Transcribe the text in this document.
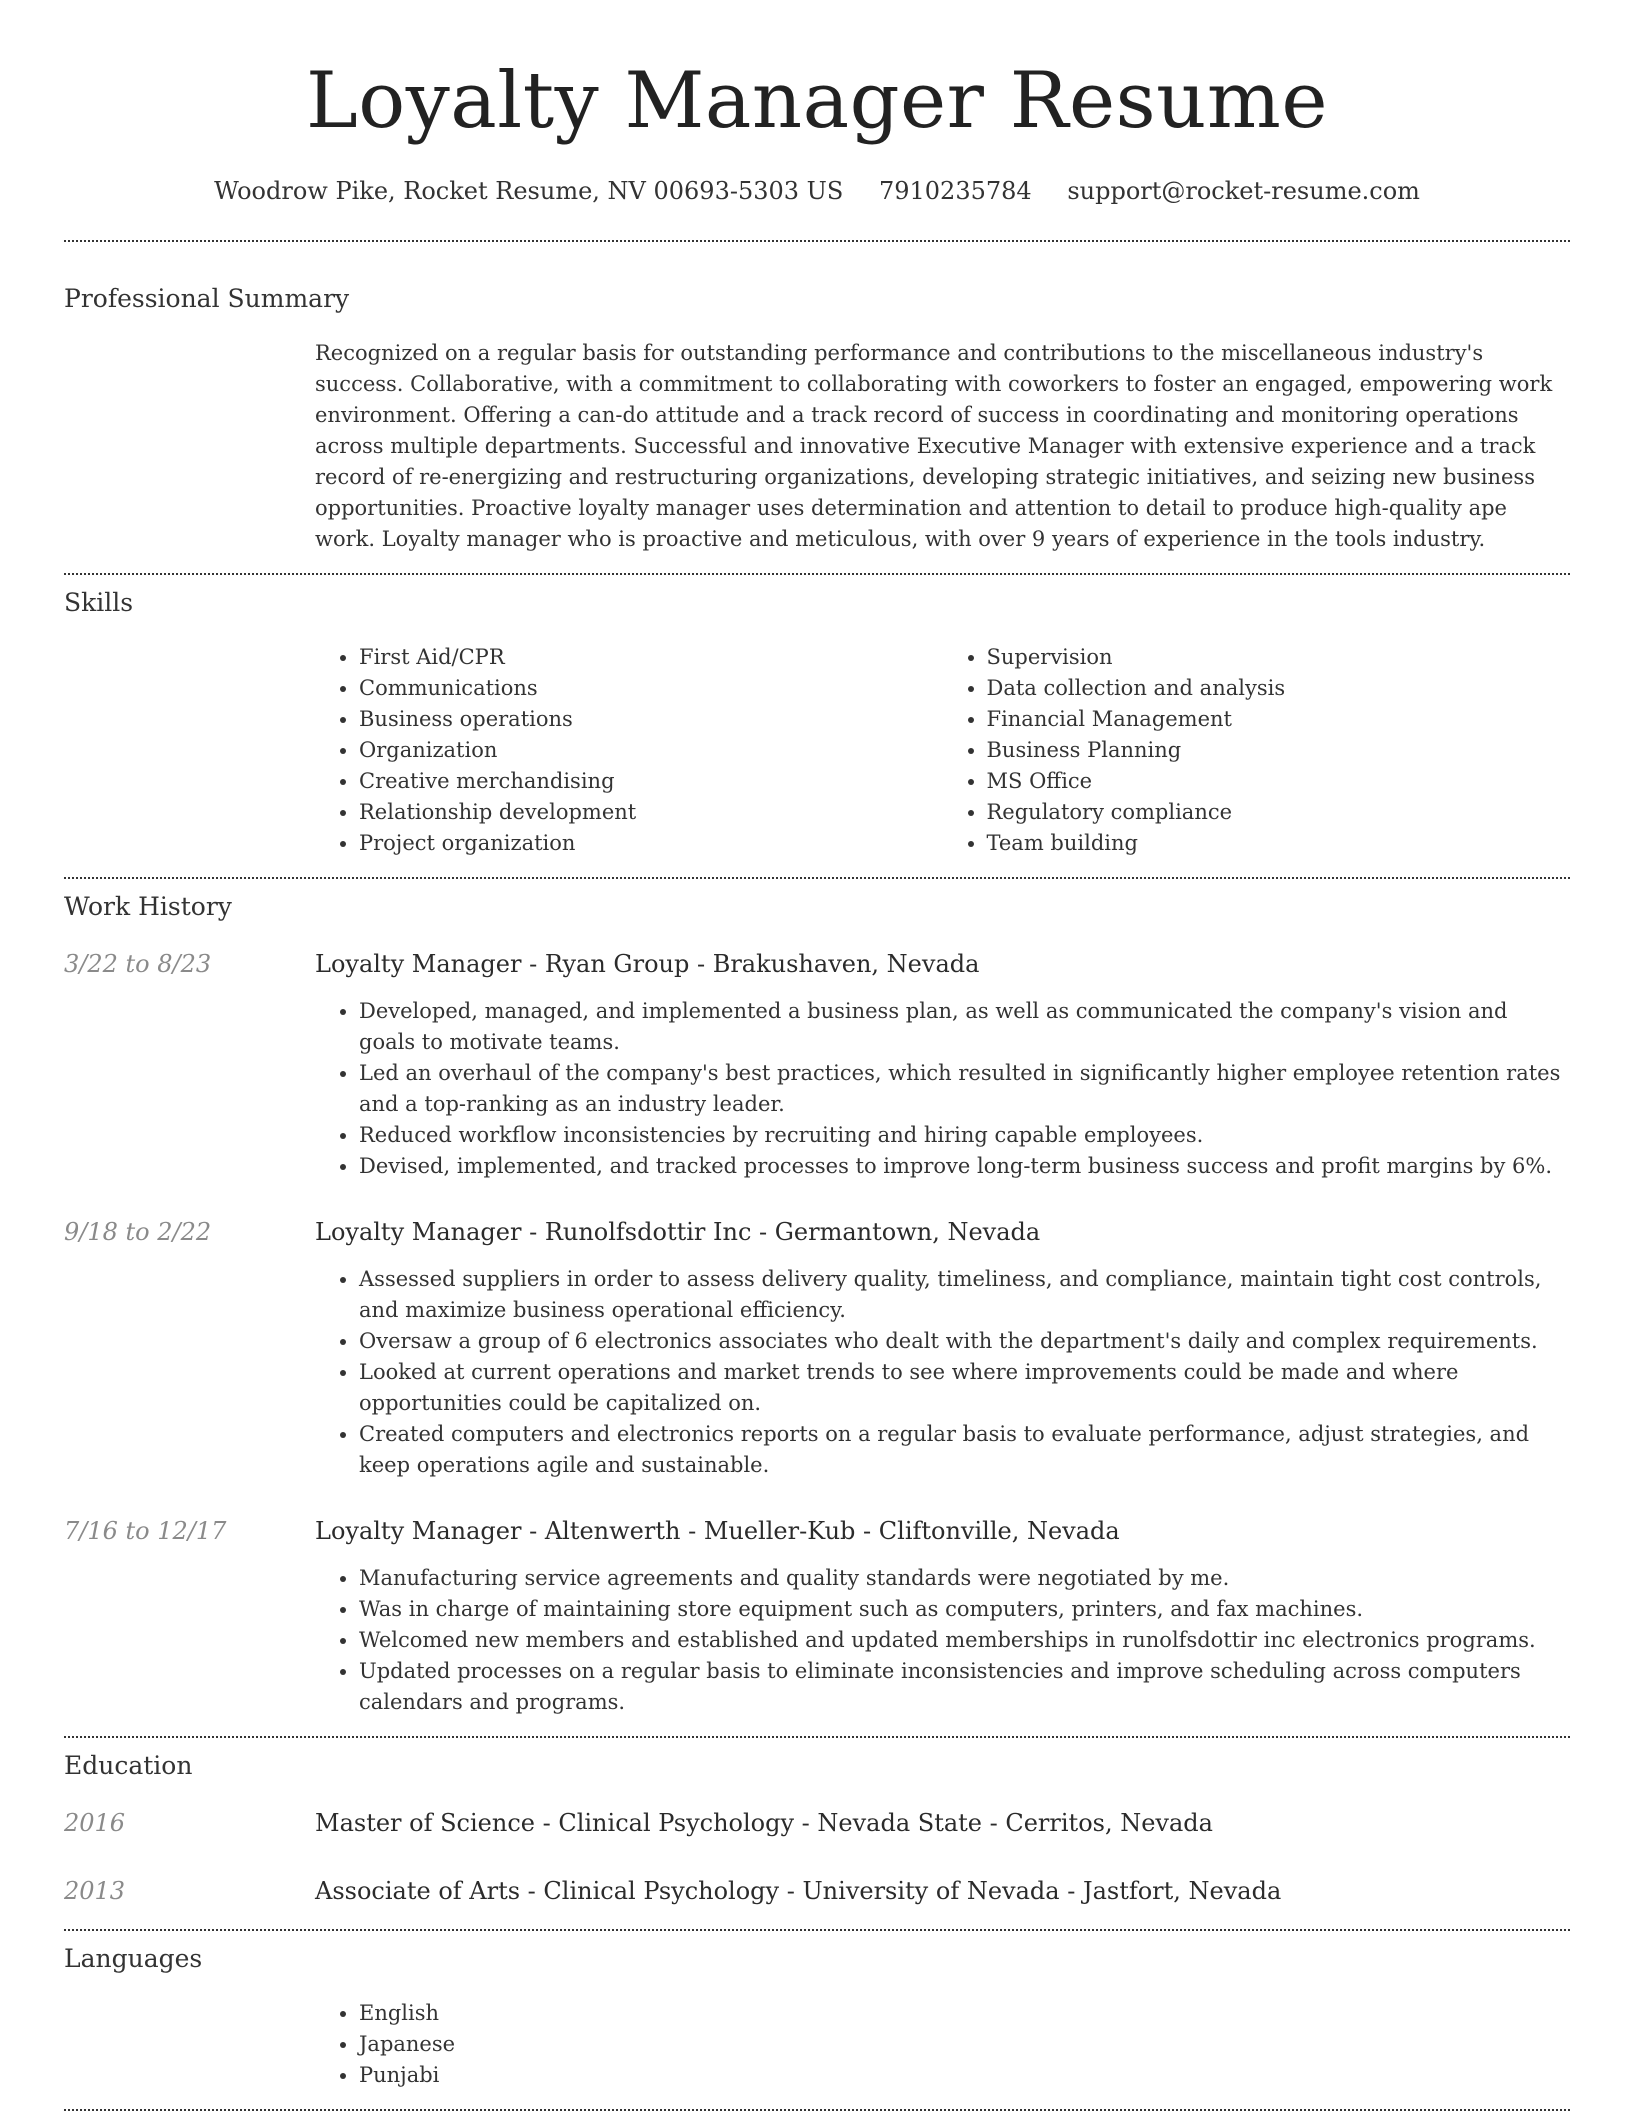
Loyalty Manager Resume
Woodrow Pike, Rocket Resume, NV 00693-5303 US 7910235784 support@rocket-resume.com
Professional Summary

Recognized on a regular basis for outstanding performance and contributions to the miscellaneous industry's success. Collaborative, with a commitment to collaborating with coworkers to foster an engaged, empowering work environment. Offering a can-do attitude and a track record of success in coordinating and monitoring operations across multiple departments. Successful and innovative Executive Manager with extensive experience and a track record of re-energizing and restructuring organizations, developing strategic initiatives, and seizing new business opportunities. Proactive loyalty manager uses determination and attention to detail to produce high-quality ape work. Loyalty manager who is proactive and meticulous, with over 9 years of experience in the tools industry.

Skills
• First Aid/CPR
• Communications
• Business operations
• Organization
• Creative merchandising
• Relationship development
• Project organization
• Supervision
• Data collection and analysis
• Financial Management
• Business Planning
• MS Office
• Regulatory compliance
• Team building
Work History
3/22 to 8/23	Loyalty Manager - Ryan Group - Brakushaven, Nevada
• Developed, managed, and implemented a business plan, as well as communicated the company's vision and goals to motivate teams.
• Led an overhaul of the company's best practices, which resulted in significantly higher employee retention rates and a top-ranking as an industry leader.
• Reduced workflow inconsistencies by recruiting and hiring capable employees.
• Devised, implemented, and tracked processes to improve long-term business success and profit margins by 6%.
9/18 to 2/22	Loyalty Manager - Runolfsdottir Inc - Germantown, Nevada
• Assessed suppliers in order to assess delivery quality, timeliness, and compliance, maintain tight cost controls, and maximize business operational efficiency.
• Oversaw a group of 6 electronics associates who dealt with the department's daily and complex requirements.
• Looked at current operations and market trends to see where improvements could be made and where opportunities could be capitalized on.
• Created computers and electronics reports on a regular basis to evaluate performance, adjust strategies, and keep operations agile and sustainable.
7/16 to 12/17	Loyalty Manager - Altenwerth - Mueller-Kub - Cliftonville, Nevada
• Manufacturing service agreements and quality standards were negotiated by me.
• Was in charge of maintaining store equipment such as computers, printers, and fax machines.
• Welcomed new members and established and updated memberships in runolfsdottir inc electronics programs.
• Updated processes on a regular basis to eliminate inconsistencies and improve scheduling across computers calendars and programs.
Education
2016	Master of Science - Clinical Psychology - Nevada State - Cerritos, Nevada
2013	Associate of Arts - Clinical Psychology - University of Nevada - Jastfort, Nevada
Languages
• English
• Japanese
• Punjabi
